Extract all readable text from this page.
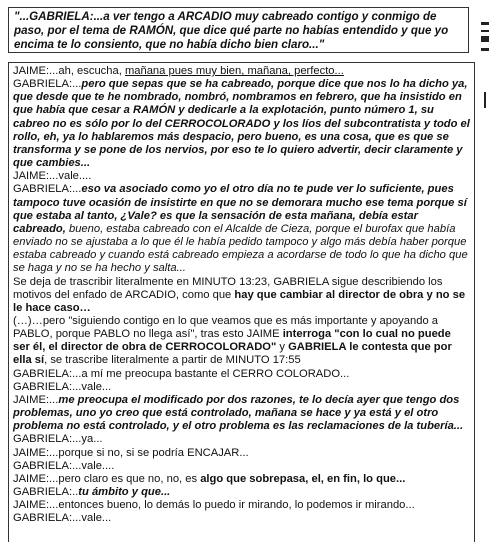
"...GABRIELA:...a ver tengo a ARCADIO muy cabreado contigo y conmigo de paso, por el tema de RAMÓN, que dice qué parte no habías entendido y que yo encima te lo consiento, que no había dicho bien claro..."

JAIME:...ah, escucha, mañana pues muy bien, mañana, perfecto...

GABRIELA:...pero que sepas que se ha cabreado, porque dice que nos lo ha dicho ya, que desde que te he nombrado, nombró, nombramos en febrero, que ha insistido en que había que cesar a RAMÓN y dedicarle a la explotación, punto número 1, su cabreo no es sólo por lo del CERROCOLORADO y los líos del subcontratista y todo el rollo, eh, ya lo hablaremos más despacio, pero bueno, es una cosa, que es que se transforma y se pone de los nervios, por eso te lo quiero advertir, decir claramente y que cambies...

JAIME:...vale....

GABRIELA:...eso va asociado como yo el otro día no te pude ver lo suficiente, pues tampoco tuve ocasión de insistirte en que no se demorara mucho ese tema porque sí que estaba al tanto, ¿Vale? es que la sensación de esta mañana, debía estar cabreado, bueno, estaba cabreado con el Alcalde de Cieza, porque el burofax que había enviado no se ajustaba a lo que él le había pedido tampoco y algo más debía haber porque estaba cabreado y cuando está cabreado empieza a acordarse de todo lo que ha dicho que se haga y no se ha hecho y salta...

Se deja de trascribir literalmente en MINUTO 13:23, GABRIELA sigue describiendo los motivos del enfado de ARCADIO, como que hay que cambiar al director de obra y no se le hace caso…

(…)…pero "siguiendo contigo en lo que veamos que es más importante y apoyando a PABLO, porque PABLO no llega así", tras esto JAIME interroga "con lo cual no puede ser él, el director de obra de CERROCOLORADO" y GABRIELA le contesta que por ella sí, se trascribe literalmente a partir de MINUTO 17:55

GABRIELA:...a mí me preocupa bastante el CERRO COLORADO...

GABRIELA:...vale...

JAIME:...me preocupa el modificado por dos razones, te lo decía ayer que tengo dos problemas, uno yo creo que está controlado, mañana se hace y ya está y el otro problema no está controlado, y el otro problema es las reclamaciones de la tubería...

GABRIELA:...ya...

JAIME:...porque si no, si se podría ENCAJAR...

GABRIELA:...vale....

JAIME:...pero claro es que no, no, es algo que sobrepasa, el, en fin, lo que...

GABRIELA:..tu ámbito y que...

JAIME:...entonces bueno, lo demás lo puedo ir mirando, lo podemos ir mirando...

GABRIELA:...vale...
